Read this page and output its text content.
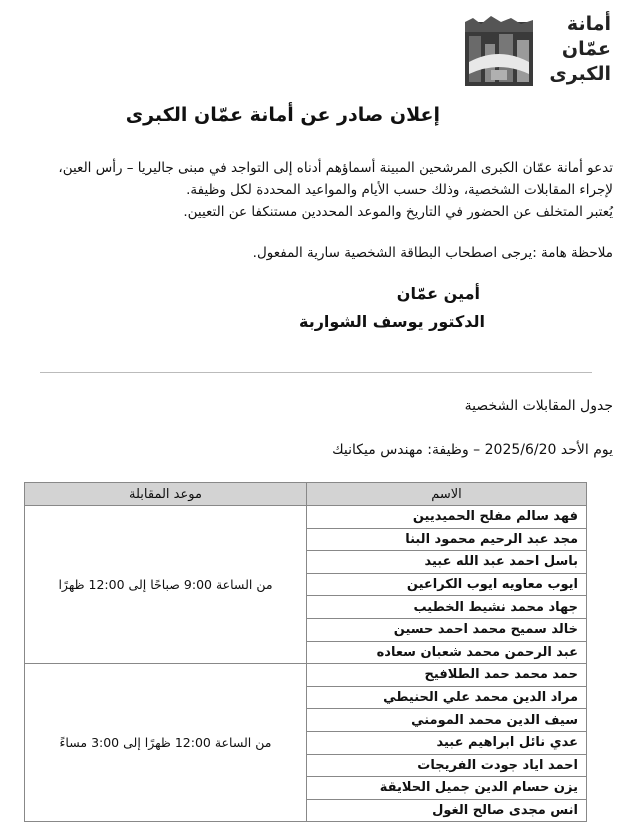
أمانة
عمّان
الكبرى
إعلان صادر عن أمانة عمّان الكبرى
تدعو أمانة عمّان الكبرى المرشحين المبينة أسماؤهم أدناه إلى التواجد في مبنى جاليريا – رأس العين،
لإجراء المقابلات الشخصية، وذلك حسب الأيام والمواعيد المحددة لكل وظيفة.
يُعتبر المتخلف عن الحضور في التاريخ والموعد المحددين مستنكفا عن التعيين.
ملاحظة هامة :يرجى اصطحاب البطاقة الشخصية سارية المفعول.
أمين عمّان
الدكتور يوسف الشواربة
جدول المقابلات الشخصية
يوم الأحد 2025/6/20 – وظيفة: مهندس ميكانيك
الاسم	موعد المقابلة
فهد سالم مفلح الحميديين	من الساعة 9:00 صباحًا إلى 12:00 ظهرًا
مجد عبد الرحيم محمود البنا	
باسل احمد عبد الله عبيد	
ايوب معاويه ايوب الكراعين	
جهاد محمد نشيط الخطيب	
خالد سميح محمد احمد حسين	
عبد الرحمن محمد شعبان سعاده	
حمد محمد حمد الطلافيح	من الساعة 12:00 ظهرًا إلى 3:00 مساءً
مراد الدين محمد علي الحنيطي	
سيف الدين محمد المومني	
عدي نائل ابراهيم عبيد	
احمد اياد جودت الفريجات	
يزن حسام الدين جميل الحلايقة	
انس مجدى صالح الغول	
